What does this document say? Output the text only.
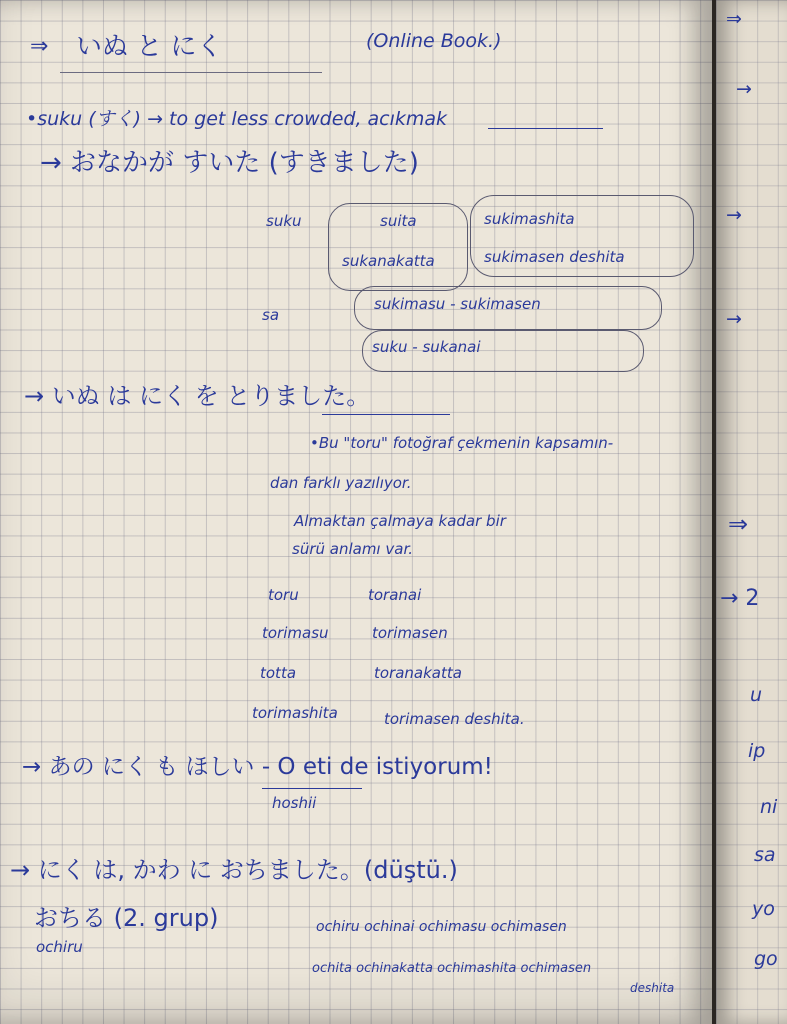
⇒ いぬ と にく	(Online Book.)
•suku (すく) → to get less crowded, acıkmak
→ おなかが すいた (すきました)
suku	suita	sukimashita
sukanakatta	sukimasen deshita
sa
sukimasu - sukimasen
suku - sukanai
→ いぬ は にく を とりました。
•Bu "toru" fotoğraf çekmenin kapsamın-
dan farklı yazılıyor.
Almaktan çalmaya kadar bir
sürü anlamı var.
toru	toranai
torimasu	torimasen
totta	toranakatta
torimashita	torimasen deshita.
→ あの にく も ほしい - O eti de istiyorum!
hoshii
→ にく は, かわ に おちました。(düştü.)
おちる (2. grup)
ochiru
ochiru ochinai ochimasu ochimasen
ochita ochinakatta ochimashita ochimasen
deshita
⇒
→
→
→
⇒
→ 2
u
ip
ni
sa
yo
go
